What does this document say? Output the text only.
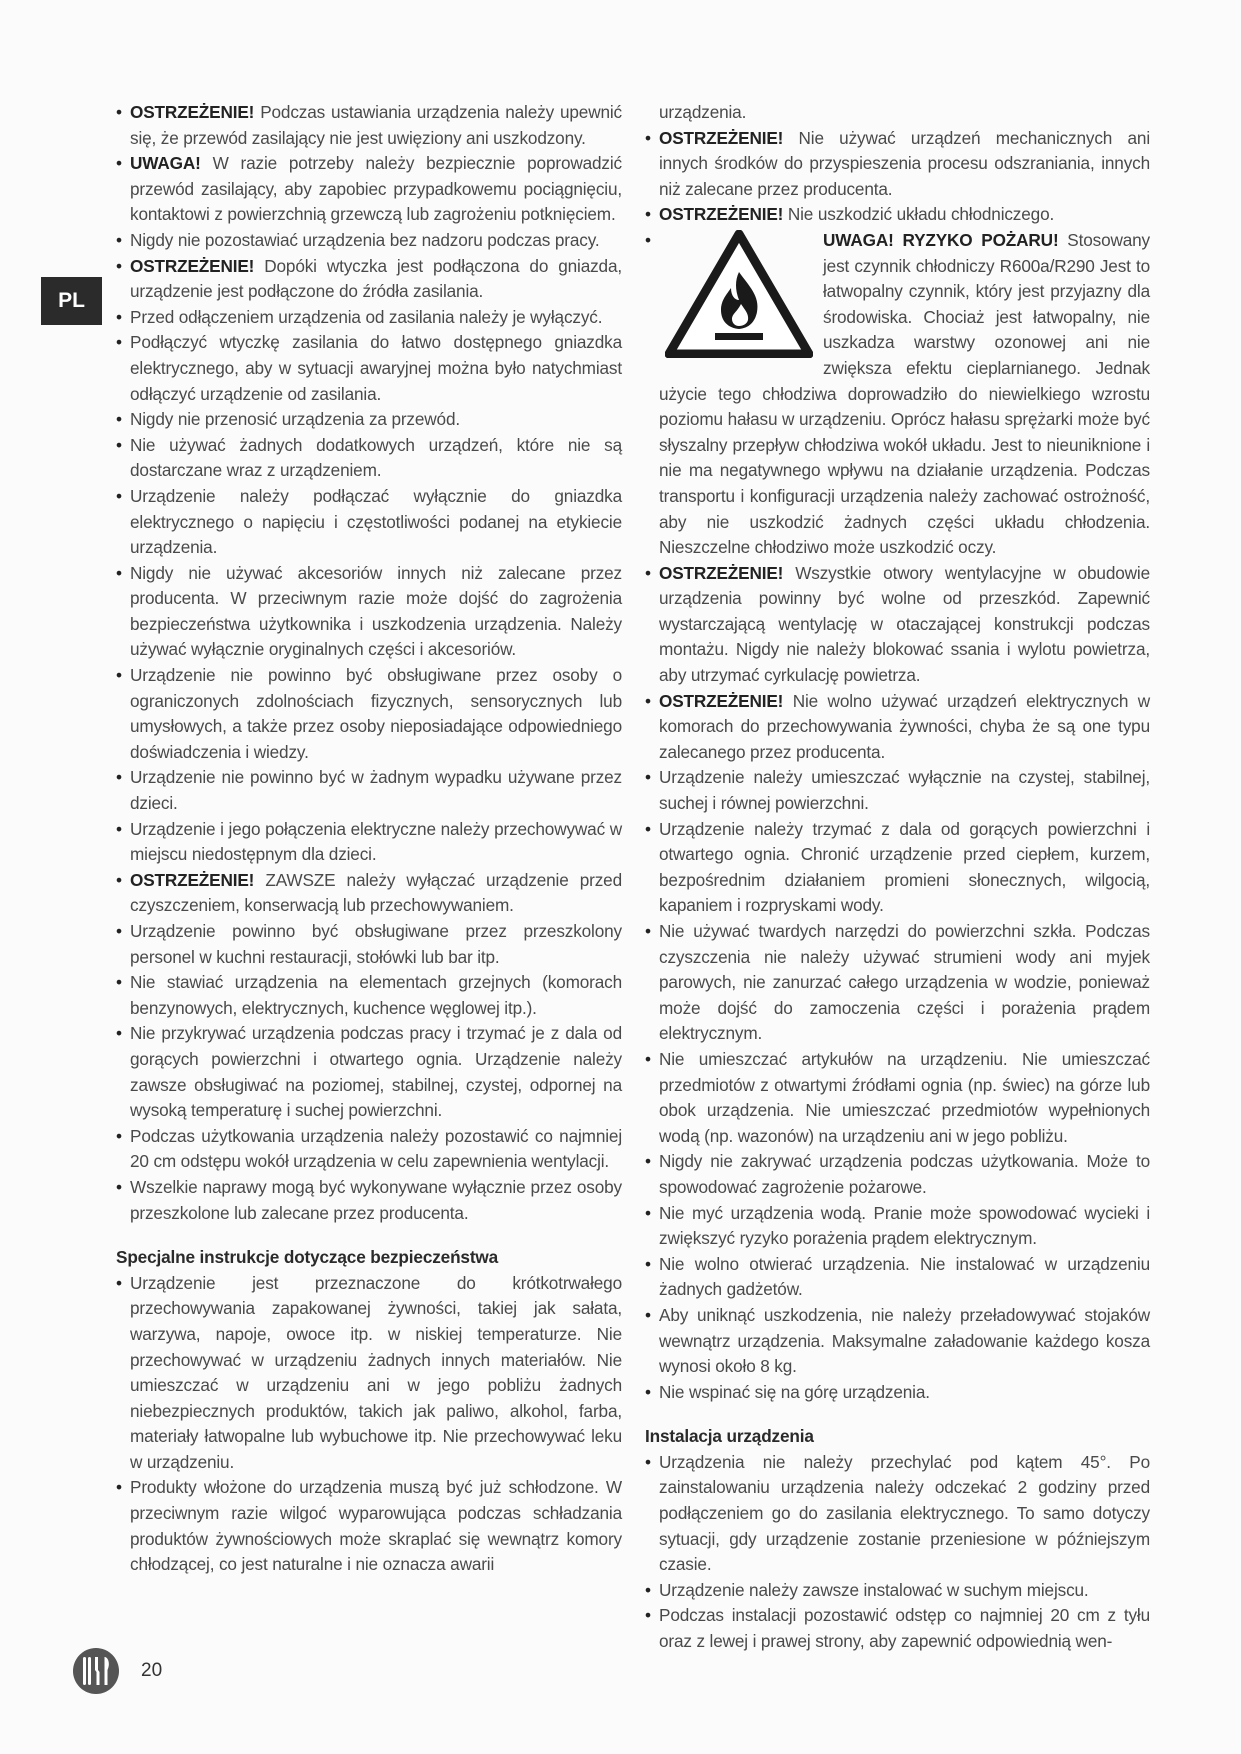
PL
• OSTRZEŻENIE! Podczas ustawiania urządzenia należy upewnić się, że przewód zasilający nie jest uwięziony ani uszkodzony.
• UWAGA! W razie potrzeby należy bezpiecznie poprowadzić przewód zasilający, aby zapobiec przypadkowemu pociągnięciu, kontaktowi z powierzchnią grzewczą lub zagrożeniu potknięciem.
• Nigdy nie pozostawiać urządzenia bez nadzoru podczas pracy.
• OSTRZEŻENIE! Dopóki wtyczka jest podłączona do gniazda, urządzenie jest podłączone do źródła zasilania.
• Przed odłączeniem urządzenia od zasilania należy je wyłączyć.
• Podłączyć wtyczkę zasilania do łatwo dostępnego gniazdka elektrycznego, aby w sytuacji awaryjnej można było natychmiast odłączyć urządzenie od zasilania.
• Nigdy nie przenosić urządzenia za przewód.
• Nie używać żadnych dodatkowych urządzeń, które nie są dostarczane wraz z urządzeniem.
• Urządzenie należy podłączać wyłącznie do gniazdka elektrycznego o napięciu i częstotliwości podanej na etykiecie urządzenia.
• Nigdy nie używać akcesoriów innych niż zalecane przez producenta. W przeciwnym razie może dojść do zagrożenia bezpieczeństwa użytkownika i uszkodzenia urządzenia. Należy używać wyłącznie oryginalnych części i akcesoriów.
• Urządzenie nie powinno być obsługiwane przez osoby o ograniczonych zdolnościach fizycznych, sensorycznych lub umysłowych, a także przez osoby nieposiadające odpowiedniego doświadczenia i wiedzy.
• Urządzenie nie powinno być w żadnym wypadku używane przez dzieci.
• Urządzenie i jego połączenia elektryczne należy przechowywać w miejscu niedostępnym dla dzieci.
• OSTRZEŻENIE! ZAWSZE należy wyłączać urządzenie przed czyszczeniem, konserwacją lub przechowywaniem.
• Urządzenie powinno być obsługiwane przez przeszkolony personel w kuchni restauracji, stołówki lub bar itp.
• Nie stawiać urządzenia na elementach grzejnych (komorach benzynowych, elektrycznych, kuchence węglowej itp.).
• Nie przykrywać urządzenia podczas pracy i trzymać je z dala od gorących powierzchni i otwartego ognia. Urządzenie należy zawsze obsługiwać na poziomej, stabilnej, czystej, odpornej na wysoką temperaturę i suchej powierzchni.
• Podczas użytkowania urządzenia należy pozostawić co najmniej 20 cm odstępu wokół urządzenia w celu zapewnienia wentylacji.
• Wszelkie naprawy mogą być wykonywane wyłącznie przez osoby przeszkolone lub zalecane przez producenta.
Specjalne instrukcje dotyczące bezpieczeństwa
• Urządzenie jest przeznaczone do krótkotrwałego przechowywania zapakowanej żywności, takiej jak sałata, warzywa, napoje, owoce itp. w niskiej temperaturze. Nie przechowywać w urządzeniu żadnych innych materiałów. Nie umieszczać w urządzeniu ani w jego pobliżu żadnych niebezpiecznych produktów, takich jak paliwo, alkohol, farba, materiały łatwopalne lub wybuchowe itp. Nie przechowywać leku w urządzeniu.
• Produkty włożone do urządzenia muszą być już schłodzone. W przeciwnym razie wilgoć wyparowująca podczas schładzania produktów żywnościowych może skraplać się wewnątrz komory chłodzącej, co jest naturalne i nie oznacza awarii
urządzenia.
• OSTRZEŻENIE! Nie używać urządzeń mechanicznych ani innych środków do przyspieszenia procesu odszraniania, innych niż zalecane przez producenta.
• OSTRZEŻENIE! Nie uszkodzić układu chłodniczego.
• UWAGA! RYZYKO POŻARU! Stosowany jest czynnik chłodniczy R600a/R290 Jest to łatwopalny czynnik, który jest przyjazny dla środowiska. Chociaż jest łatwopalny, nie uszkadza warstwy ozonowej ani nie zwiększa efektu cieplarnianego. Jednak użycie tego chłodziwa doprowadziło do niewielkiego wzrostu poziomu hałasu w urządzeniu. Oprócz hałasu sprężarki może być słyszalny przepływ chłodziwa wokół układu. Jest to nieuniknione i nie ma negatywnego wpływu na działanie urządzenia. Podczas transportu i konfiguracji urządzenia należy zachować ostrożność, aby nie uszkodzić żadnych części układu chłodzenia. Nieszczelne chłodziwo może uszkodzić oczy.
• OSTRZEŻENIE! Wszystkie otwory wentylacyjne w obudowie urządzenia powinny być wolne od przeszkód. Zapewnić wystarczającą wentylację w otaczającej konstrukcji podczas montażu. Nigdy nie należy blokować ssania i wylotu powietrza, aby utrzymać cyrkulację powietrza.
• OSTRZEŻENIE! Nie wolno używać urządzeń elektrycznych w komorach do przechowywania żywności, chyba że są one typu zalecanego przez producenta.
• Urządzenie należy umieszczać wyłącznie na czystej, stabilnej, suchej i równej powierzchni.
• Urządzenie należy trzymać z dala od gorących powierzchni i otwartego ognia. Chronić urządzenie przed ciepłem, kurzem, bezpośrednim działaniem promieni słonecznych, wilgocią, kapaniem i rozpryskami wody.
• Nie używać twardych narzędzi do powierzchni szkła. Podczas czyszczenia nie należy używać strumieni wody ani myjek parowych, nie zanurzać całego urządzenia w wodzie, ponieważ może dojść do zamoczenia części i porażenia prądem elektrycznym.
• Nie umieszczać artykułów na urządzeniu. Nie umieszczać przedmiotów z otwartymi źródłami ognia (np. świec) na górze lub obok urządzenia. Nie umieszczać przedmiotów wypełnionych wodą (np. wazonów) na urządzeniu ani w jego pobliżu.
• Nigdy nie zakrywać urządzenia podczas użytkowania. Może to spowodować zagrożenie pożarowe.
• Nie myć urządzenia wodą. Pranie może spowodować wycieki i zwiększyć ryzyko porażenia prądem elektrycznym.
• Nie wolno otwierać urządzenia. Nie instalować w urządzeniu żadnych gadżetów.
• Aby uniknąć uszkodzenia, nie należy przeładowywać stojaków wewnątrz urządzenia. Maksymalne załadowanie każdego kosza wynosi około 8 kg.
• Nie wspinać się na górę urządzenia.
Instalacja urządzenia
• Urządzenia nie należy przechylać pod kątem 45°. Po zainstalowaniu urządzenia należy odczekać 2 godziny przed podłączeniem go do zasilania elektrycznego. To samo dotyczy sytuacji, gdy urządzenie zostanie przeniesione w późniejszym czasie.
• Urządzenie należy zawsze instalować w suchym miejscu.
• Podczas instalacji pozostawić odstęp co najmniej 20 cm z tyłu oraz z lewej i prawej strony, aby zapewnić odpowiednią wen-
20
